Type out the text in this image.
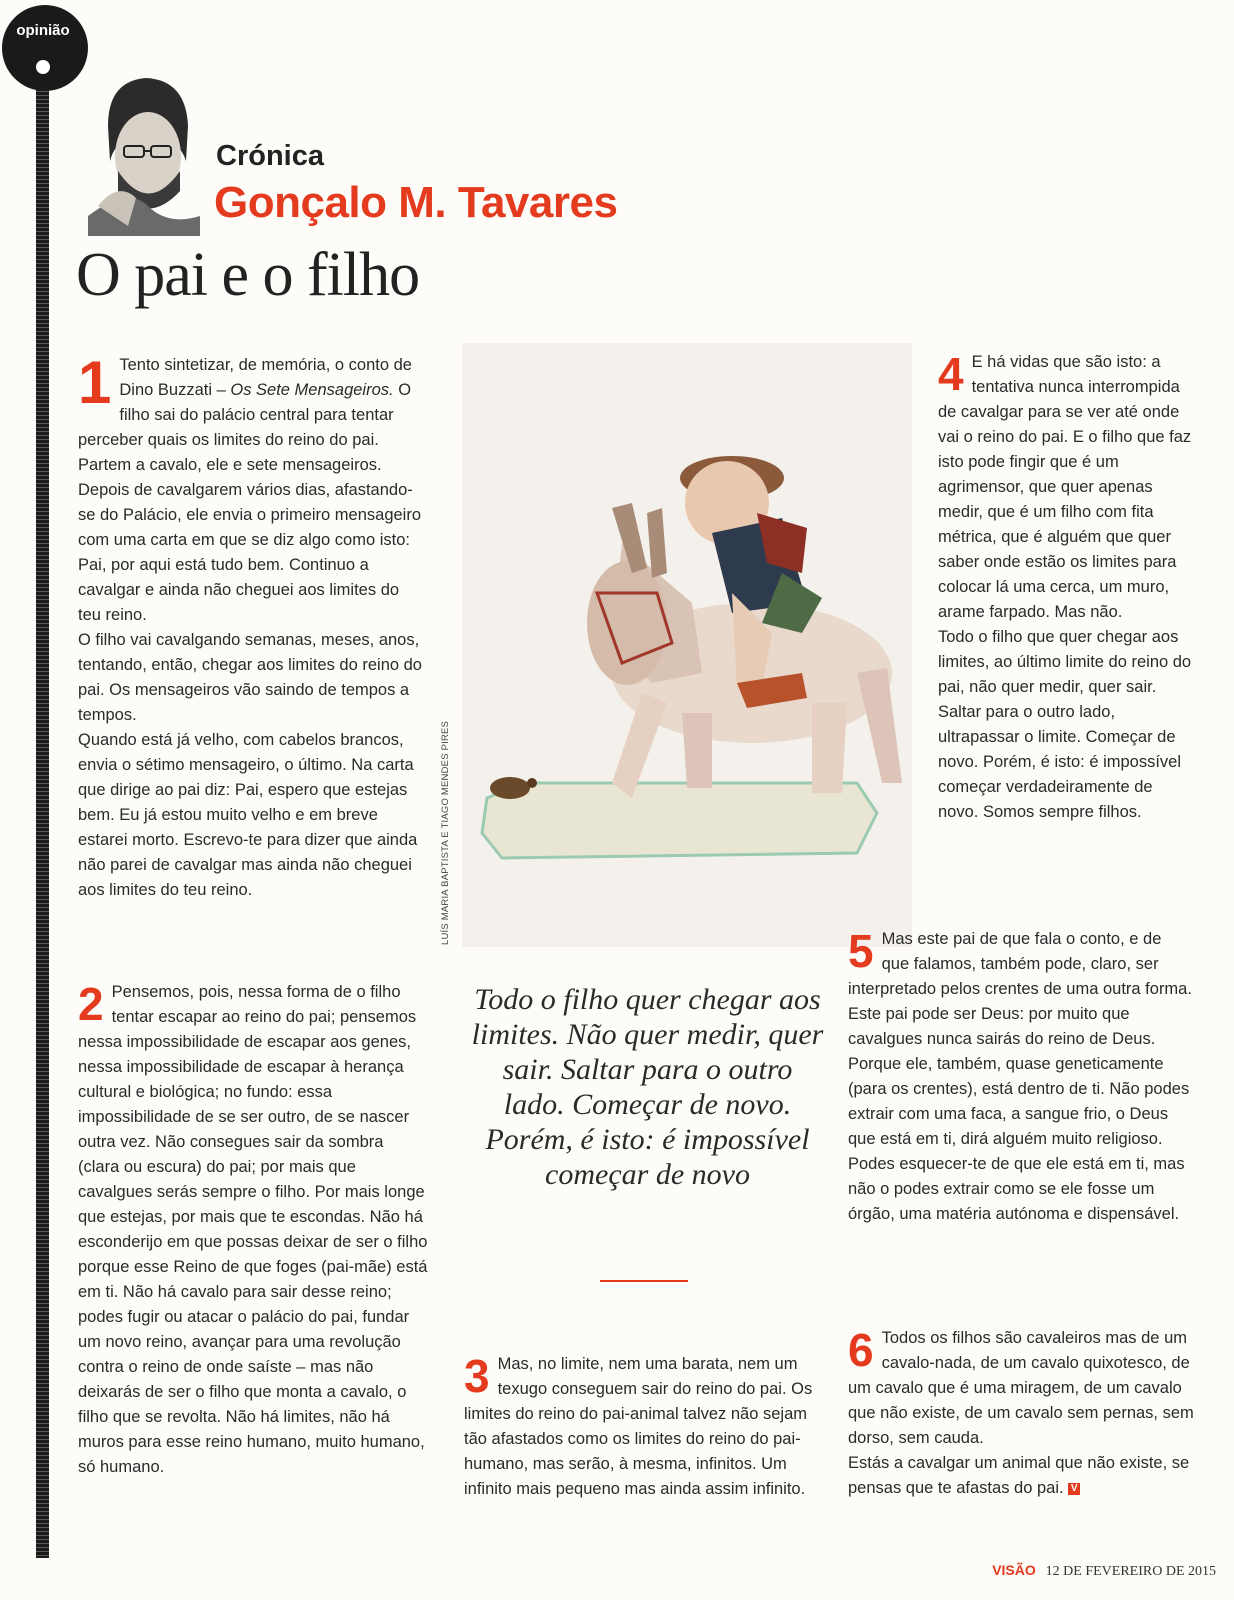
opinião
Crónica
Gonçalo M. Tavares
O pai e o filho
1 Tento sintetizar, de memória, o conto de Dino Buzzati – Os Sete Mensageiros. O filho sai do palácio central para tentar perceber quais os limites do reino do pai.

Partem a cavalo, ele e sete mensageiros. Depois de cavalgarem vários dias, afastando-se do Palácio, ele envia o primeiro mensageiro com uma carta em que se diz algo como isto: Pai, por aqui está tudo bem. Continuo a cavalgar e ainda não cheguei aos limites do teu reino.

O filho vai cavalgando semanas, meses, anos, tentando, então, chegar aos limites do reino do pai. Os mensageiros vão saindo de tempos a tempos.

Quando está já velho, com cabelos brancos, envia o sétimo mensageiro, o último. Na carta que dirige ao pai diz: Pai, espero que estejas bem. Eu já estou muito velho e em breve estarei morto. Escrevo-te para dizer que ainda não parei de cavalgar mas ainda não cheguei aos limites do teu reino.

2 Pensemos, pois, nessa forma de o filho tentar escapar ao reino do pai; pensemos nessa impossibilidade de escapar aos genes, nessa impossibilidade de escapar à herança cultural e biológica; no fundo: essa impossibilidade de se ser outro, de se nascer outra vez. Não consegues sair da sombra (clara ou escura) do pai; por mais que cavalgues serás sempre o filho. Por mais longe que estejas, por mais que te escondas. Não há esconderijo em que possas deixar de ser o filho porque esse Reino de que foges (pai-mãe) está em ti. Não há cavalo para sair desse reino; podes fugir ou atacar o palácio do pai, fundar um novo reino, avançar para uma revolução contra o reino de onde saíste – mas não deixarás de ser o filho que monta a cavalo, o filho que se revolta. Não há limites, não há muros para esse reino humano, muito humano, só humano.

LUÍS MARIA BAPTISTA E TIAGO MENDES PIRES
Todo o filho quer chegar aos limites. Não quer medir, quer sair. Saltar para o outro lado. Começar de novo. Porém, é isto: é impossível começar de novo
3 Mas, no limite, nem uma barata, nem um texugo conseguem sair do reino do pai. Os limites do reino do pai-animal talvez não sejam tão afastados como os limites do reino do pai-humano, mas serão, à mesma, infinitos. Um infinito mais pequeno mas ainda assim infinito.

4 E há vidas que são isto: a tentativa nunca interrompida de cavalgar para se ver até onde vai o reino do pai. E o filho que faz isto pode fingir que é um agrimensor, que quer apenas medir, que é um filho com fita métrica, que é alguém que quer saber onde estão os limites para colocar lá uma cerca, um muro, arame farpado. Mas não.

Todo o filho que quer chegar aos limites, ao último limite do reino do pai, não quer medir, quer sair. Saltar para o outro lado, ultrapassar o limite. Começar de novo. Porém, é isto: é impossível começar verdadeiramente de novo. Somos sempre filhos.

5 Mas este pai de que fala o conto, e de que falamos, também pode, claro, ser interpretado pelos crentes de uma outra forma. Este pai pode ser Deus: por muito que cavalgues nunca sairás do reino de Deus. Porque ele, também, quase geneticamente (para os crentes), está dentro de ti. Não podes extrair com uma faca, a sangue frio, o Deus que está em ti, dirá alguém muito religioso. Podes esquecer-te de que ele está em ti, mas não o podes extrair como se ele fosse um órgão, uma matéria autónoma e dispensável.

6 Todos os filhos são cavaleiros mas de um cavalo-nada, de um cavalo quixotesco, de um cavalo que é uma miragem, de um cavalo que não existe, de um cavalo sem pernas, sem dorso, sem cauda.

Estás a cavalgar um animal que não existe, se pensas que te afastas do pai. V

VISÃO 12 DE FEVEREIRO DE 2015
